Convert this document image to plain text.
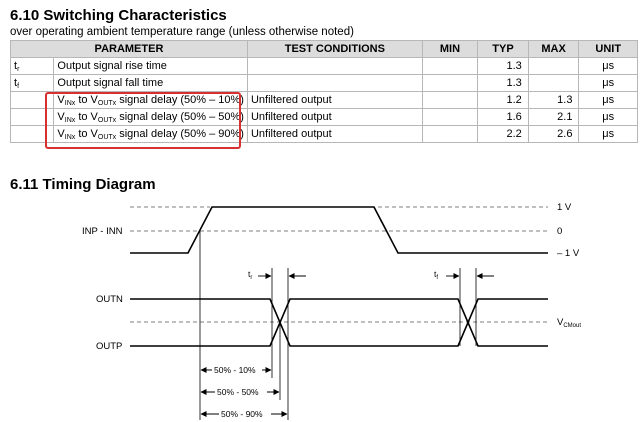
6.10 Switching Characteristics
over operating ambient temperature range (unless otherwise noted)
PARAMETER		TEST CONDITIONS	MIN	TYP	MAX	UNIT
$t_r$	Output signal rise time			1.3		μs
$t_f$	Output signal fall time			1.3		μs
	$V_{INx}$ to $V_{OUTx}$ signal delay (50% – 10%)	Unfiltered output		1.2	1.3	μs
	$V_{INx}$ to $V_{OUTx}$ signal delay (50% – 50%)	Unfiltered output		1.6	2.1	μs
	$V_{INx}$ to $V_{OUTx}$ signal delay (50% – 90%)	Unfiltered output		2.2	2.6	μs
6.11 Timing Diagram
INP - INN
1 V
0
– 1 V
$V_{CMout}$
OUTN
OUTP
$t_r$	$t_f$
50% - 10%
50% - 50%
50% - 90%
